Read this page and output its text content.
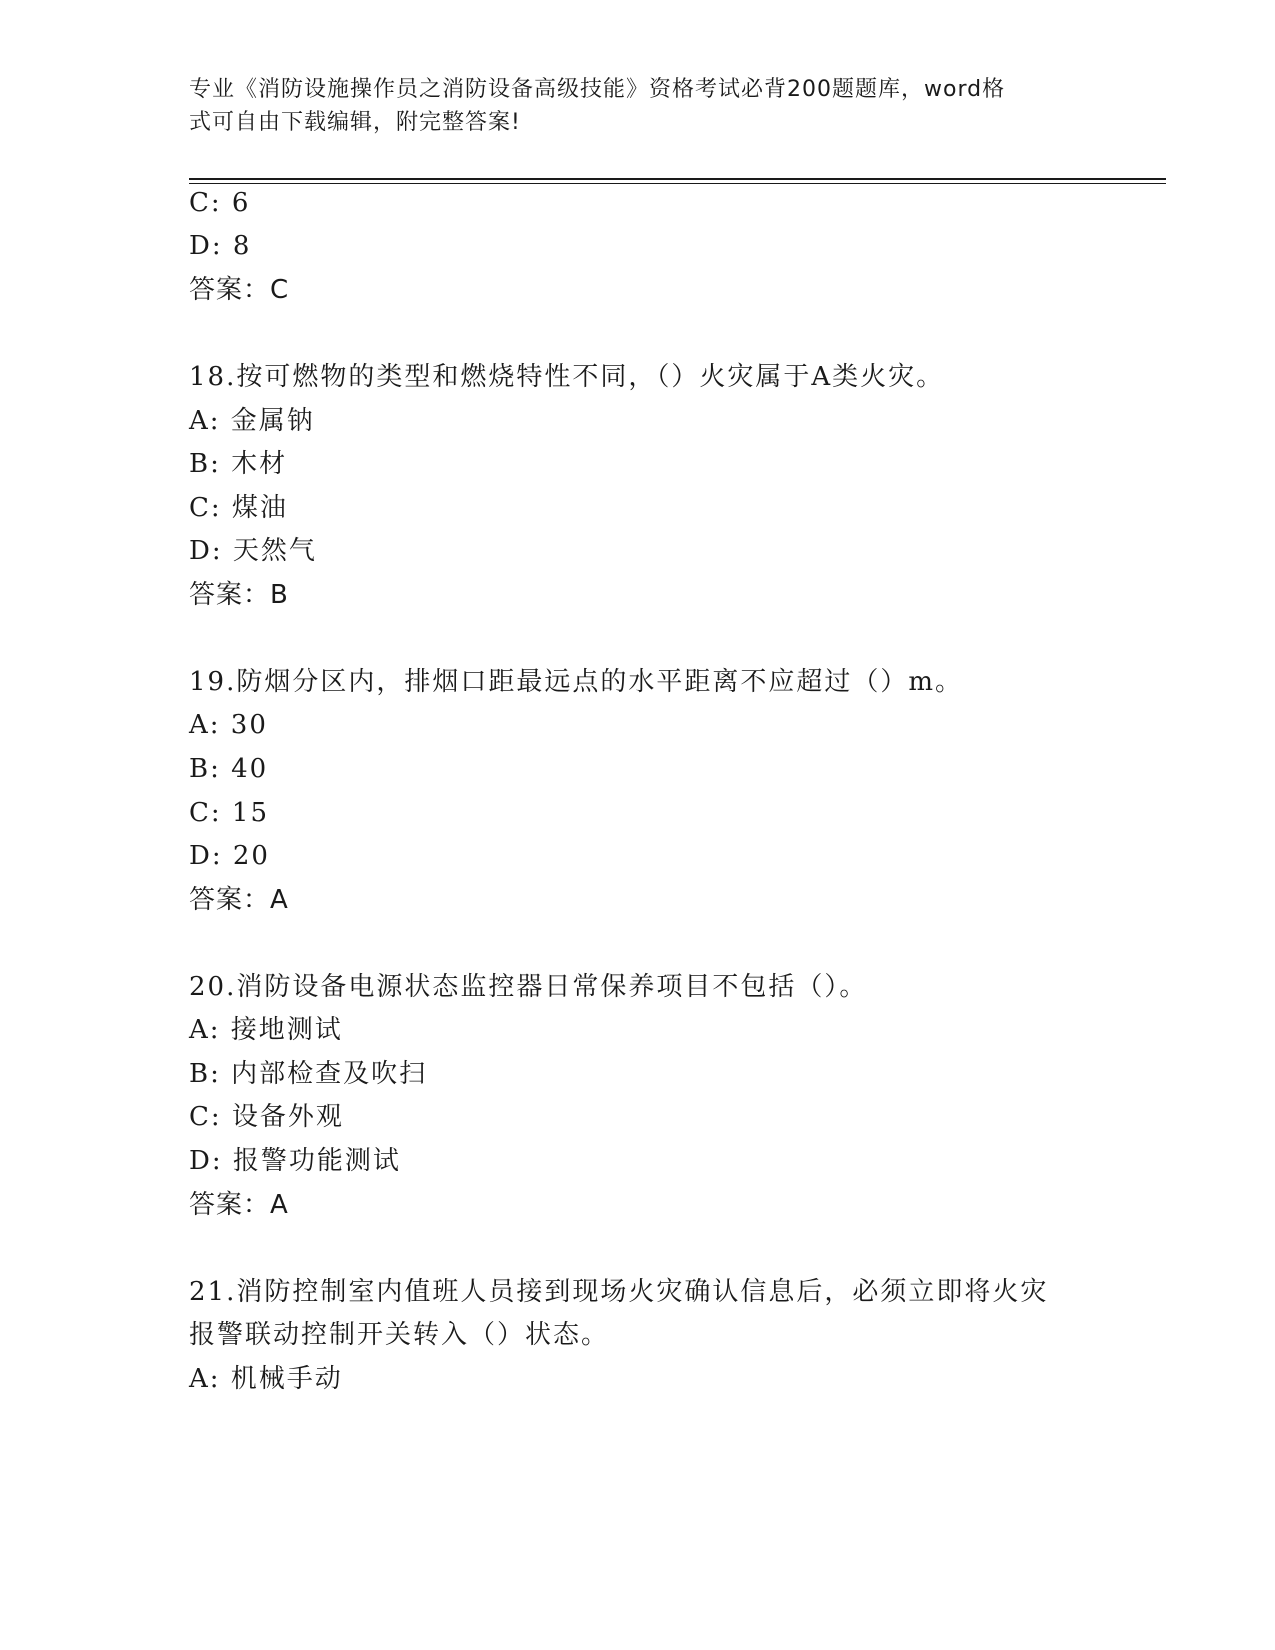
专业《消防设施操作员之消防设备高级技能》资格考试必背200题题库，word格
式可自由下载编辑，附完整答案!
C: 6
D: 8
答案：C
18.按可燃物的类型和燃烧特性不同，（）火灾属于A类火灾。
A: 金属钠
B: 木材
C: 煤油
D: 天然气
答案：B
19.防烟分区内，排烟口距最远点的水平距离不应超过（）m。
A: 30
B: 40
C: 15
D: 20
答案：A
20.消防设备电源状态监控器日常保养项目不包括（）。
A: 接地测试
B: 内部检查及吹扫
C: 设备外观
D: 报警功能测试
答案：A
21.消防控制室内值班人员接到现场火灾确认信息后，必须立即将火灾
报警联动控制开关转入（）状态。
A: 机械手动
